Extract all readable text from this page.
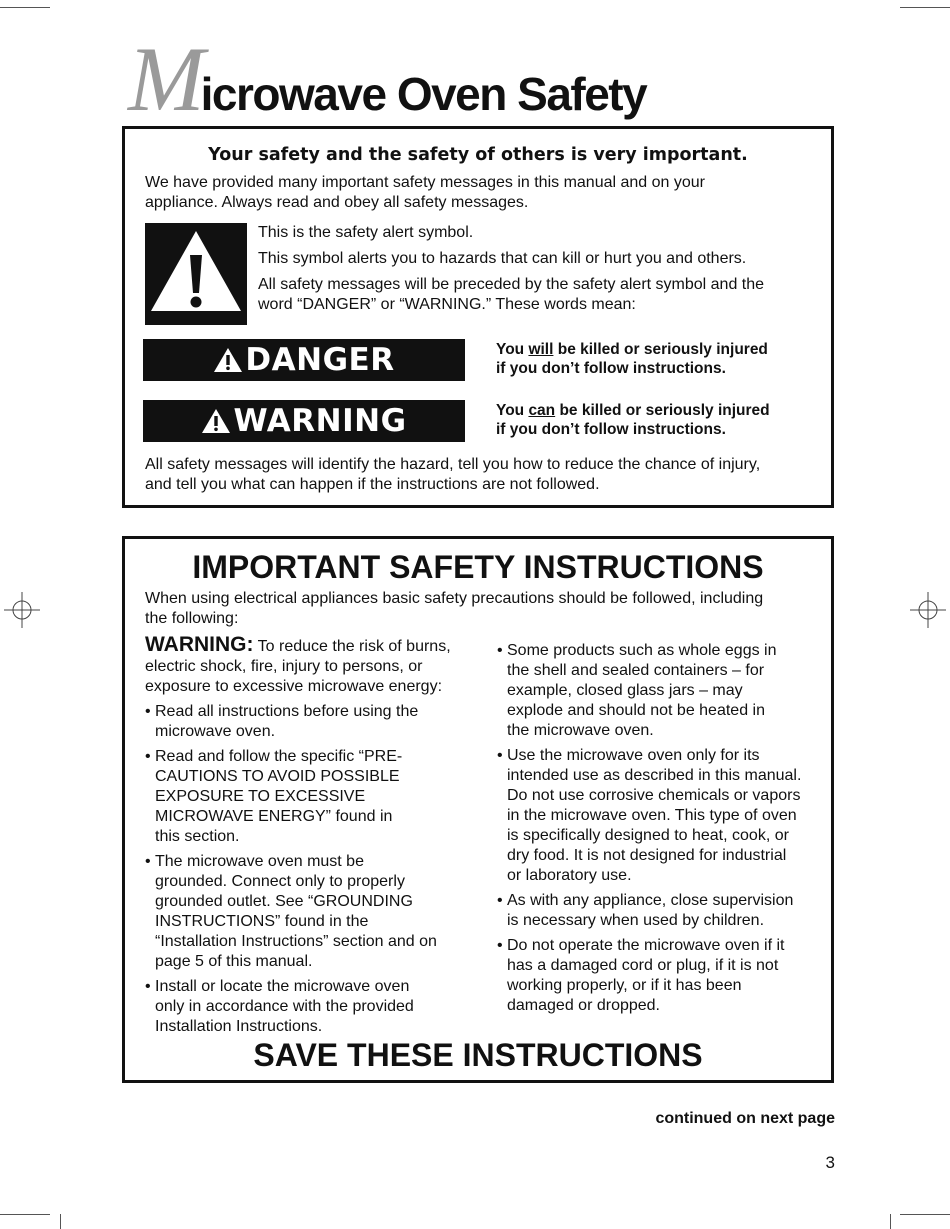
Microwave Oven Safety
Your safety and the safety of others is very important.
We have provided many important safety messages in this manual and on your
appliance. Always read and obey all safety messages.
This is the safety alert symbol.
This symbol alerts you to hazards that can kill or hurt you and others.
All safety messages will be preceded by the safety alert symbol and the
word “DANGER” or “WARNING.” These words mean:
DANGER	You will be killed or seriously injured
if you don’t follow instructions.
WARNING	You can be killed or seriously injured
if you don’t follow instructions.
All safety messages will identify the hazard, tell you how to reduce the chance of injury,
and tell you what can happen if the instructions are not followed.
IMPORTANT SAFETY INSTRUCTIONS
When using electrical appliances basic safety precautions should be followed, including
the following:
WARNING: To reduce the risk of burns,
electric shock, fire, injury to persons, or
exposure to excessive microwave energy:
• Read all instructions before using the
microwave oven.
• Read and follow the specific “PRE-
CAUTIONS TO AVOID POSSIBLE
EXPOSURE TO EXCESSIVE
MICROWAVE ENERGY” found in
this section.
• The microwave oven must be
grounded. Connect only to properly
grounded outlet. See “GROUNDING
INSTRUCTIONS” found in the
“Installation Instructions” section and on
page 5 of this manual.
• Install or locate the microwave oven
only in accordance with the provided
Installation Instructions.
• Some products such as whole eggs in
the shell and sealed containers – for
example, closed glass jars – may
explode and should not be heated in
the microwave oven.
• Use the microwave oven only for its
intended use as described in this manual.
Do not use corrosive chemicals or vapors
in the microwave oven. This type of oven
is specifically designed to heat, cook, or
dry food. It is not designed for industrial
or laboratory use.
• As with any appliance, close supervision
is necessary when used by children.
• Do not operate the microwave oven if it
has a damaged cord or plug, if it is not
working properly, or if it has been
damaged or dropped.
SAVE THESE INSTRUCTIONS
continued on next page
3
